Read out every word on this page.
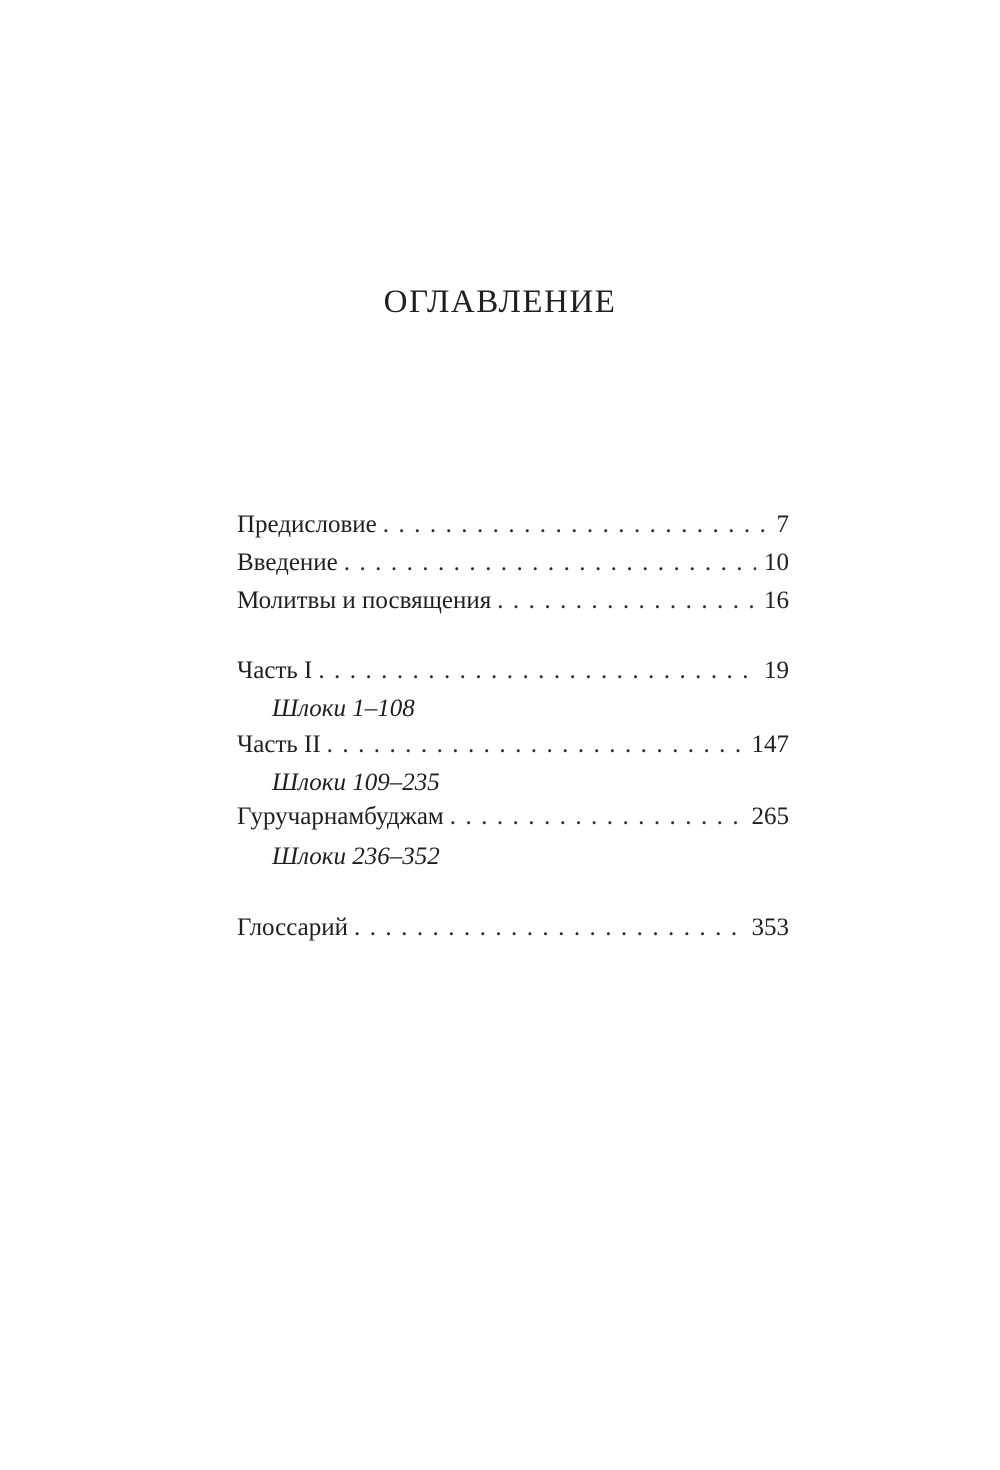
ОГЛАВЛЕНИЕ
Предисловие . . .	7
Введение . . .	10
Молитвы и посвящения . . .	16
Часть I . . .	19
Шлоки 1–108
Часть II . . .	147
Шлоки 109–235
Гуручарнамбуджам . . .	265
Шлоки 236–352
Глоссарий . . .	353
